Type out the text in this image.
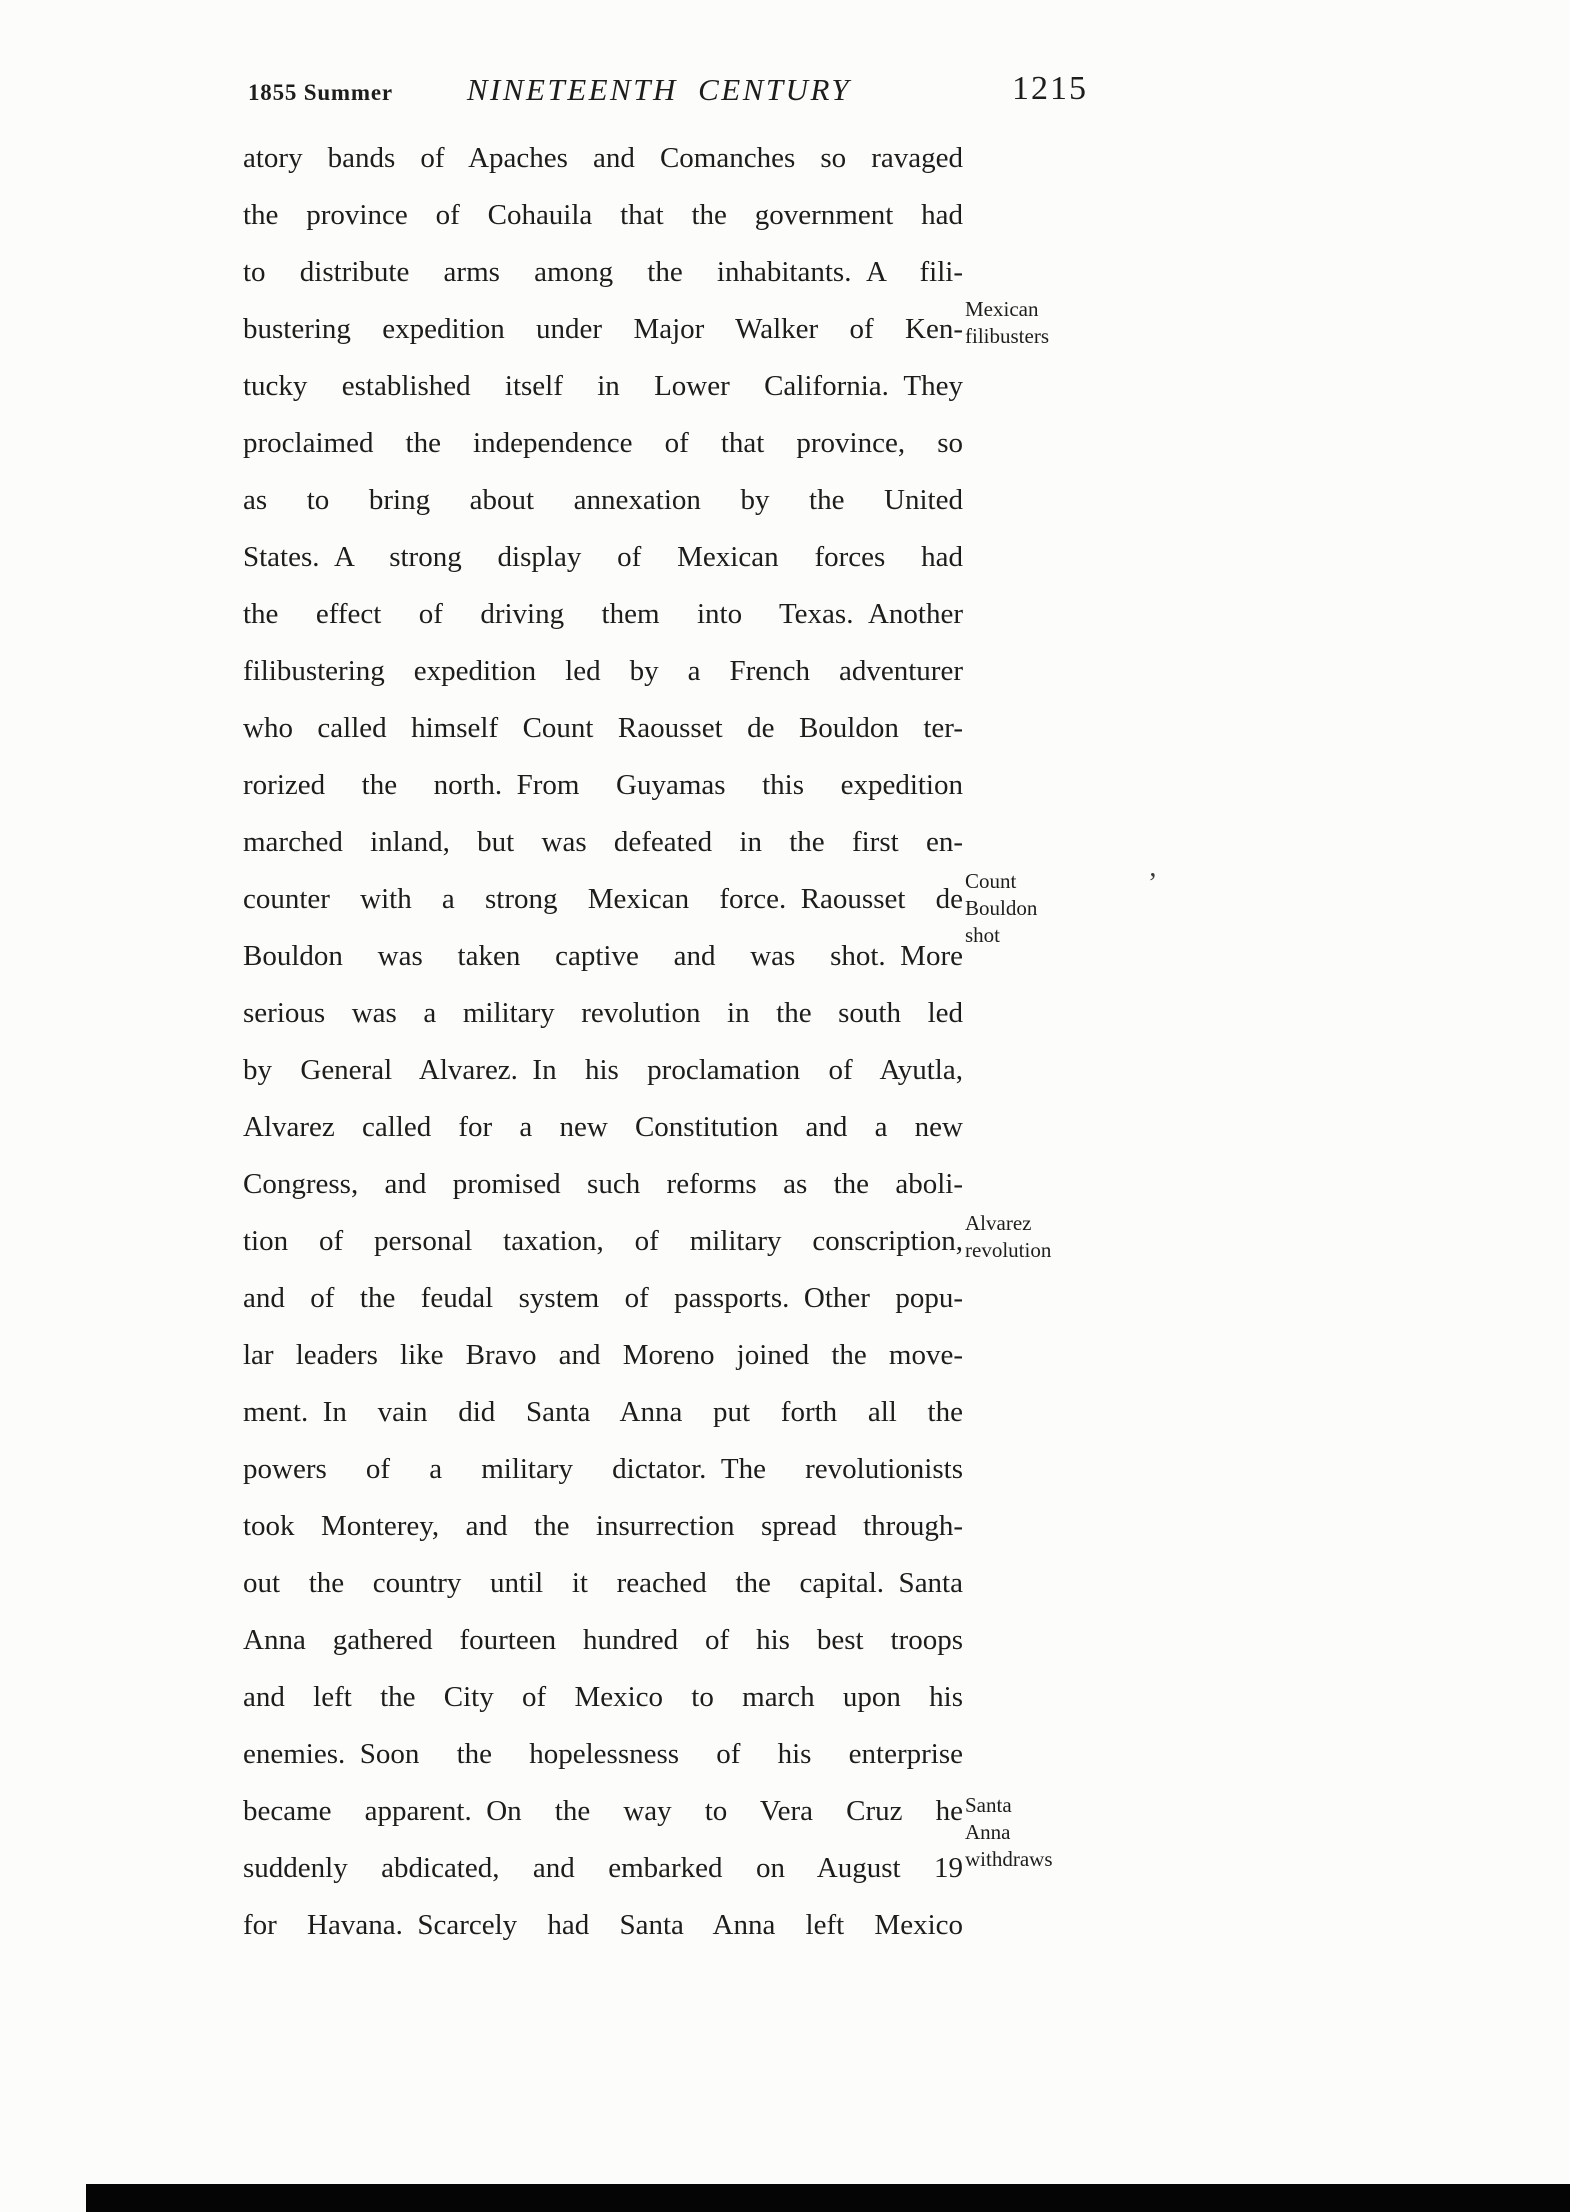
1855 Summer NINETEENTH CENTURY	1215
atory bands of Apaches and Comanches so ravaged
the province of Cohauila that the government had
to distribute arms among the inhabitants. A fili-
bustering expedition under Major Walker of Ken-
tucky established itself in Lower California. They
proclaimed the independence of that province, so
as to bring about annexation by the United
States. A strong display of Mexican forces had
the effect of driving them into Texas. Another
filibustering expedition led by a French adventurer
who called himself Count Raousset de Bouldon ter-
rorized the north. From Guyamas this expedition
marched inland, but was defeated in the first en-
counter with a strong Mexican force. Raousset de
Bouldon was taken captive and was shot. More
serious was a military revolution in the south led
by General Alvarez. In his proclamation of Ayutla,
Alvarez called for a new Constitution and a new
Congress, and promised such reforms as the aboli-
tion of personal taxation, of military conscription,
and of the feudal system of passports. Other popu-
lar leaders like Bravo and Moreno joined the move-
ment. In vain did Santa Anna put forth all the
powers of a military dictator. The revolutionists
took Monterey, and the insurrection spread through-
out the country until it reached the capital. Santa
Anna gathered fourteen hundred of his best troops
and left the City of Mexico to march upon his
enemies. Soon the hopelessness of his enterprise
became apparent. On the way to Vera Cruz he
suddenly abdicated, and embarked on August 19
for Havana. Scarcely had Santa Anna left Mexico
Mexican
filibusters
Count
Bouldon
shot
Alvarez
revolution
Santa
Anna
withdraws
’
